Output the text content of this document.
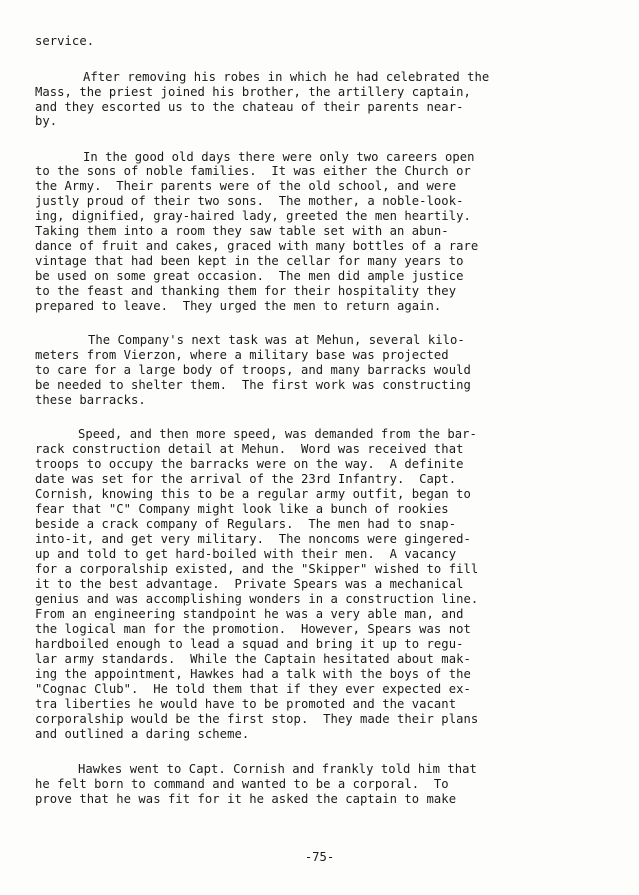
service.
After removing his robes in which he had celebrated the
Mass, the priest joined his brother, the artillery captain,
and they escorted us to the chateau of their parents near-
by.
In the good old days there were only two careers open
to the sons of noble families.  It was either the Church or
the Army.  Their parents were of the old school, and were
justly proud of their two sons.  The mother, a noble-look-
ing, dignified, gray-haired lady, greeted the men heartily.
Taking them into a room they saw table set with an abun-
dance of fruit and cakes, graced with many bottles of a rare
vintage that had been kept in the cellar for many years to
be used on some great occasion.  The men did ample justice
to the feast and thanking them for their hospitality they
prepared to leave.  They urged the men to return again.
The Company's next task was at Mehun, several kilo-
meters from Vierzon, where a military base was projected
to care for a large body of troops, and many barracks would
be needed to shelter them.  The first work was constructing
these barracks.
Speed, and then more speed, was demanded from the bar-
rack construction detail at Mehun.  Word was received that
troops to occupy the barracks were on the way.  A definite
date was set for the arrival of the 23rd Infantry.  Capt.
Cornish, knowing this to be a regular army outfit, began to
fear that "C" Company might look like a bunch of rookies
beside a crack company of Regulars.  The men had to snap-
into-it, and get very military.  The noncoms were gingered-
up and told to get hard-boiled with their men.  A vacancy
for a corporalship existed, and the "Skipper" wished to fill
it to the best advantage.  Private Spears was a mechanical
genius and was accomplishing wonders in a construction line.
From an engineering standpoint he was a very able man, and
the logical man for the promotion.  However, Spears was not
hardboiled enough to lead a squad and bring it up to regu-
lar army standards.  While the Captain hesitated about mak-
ing the appointment, Hawkes had a talk with the boys of the
"Cognac Club".  He told them that if they ever expected ex-
tra liberties he would have to be promoted and the vacant
corporalship would be the first stop.  They made their plans
and outlined a daring scheme.
Hawkes went to Capt. Cornish and frankly told him that
he felt born to command and wanted to be a corporal.  To
prove that he was fit for it he asked the captain to make
-75-
